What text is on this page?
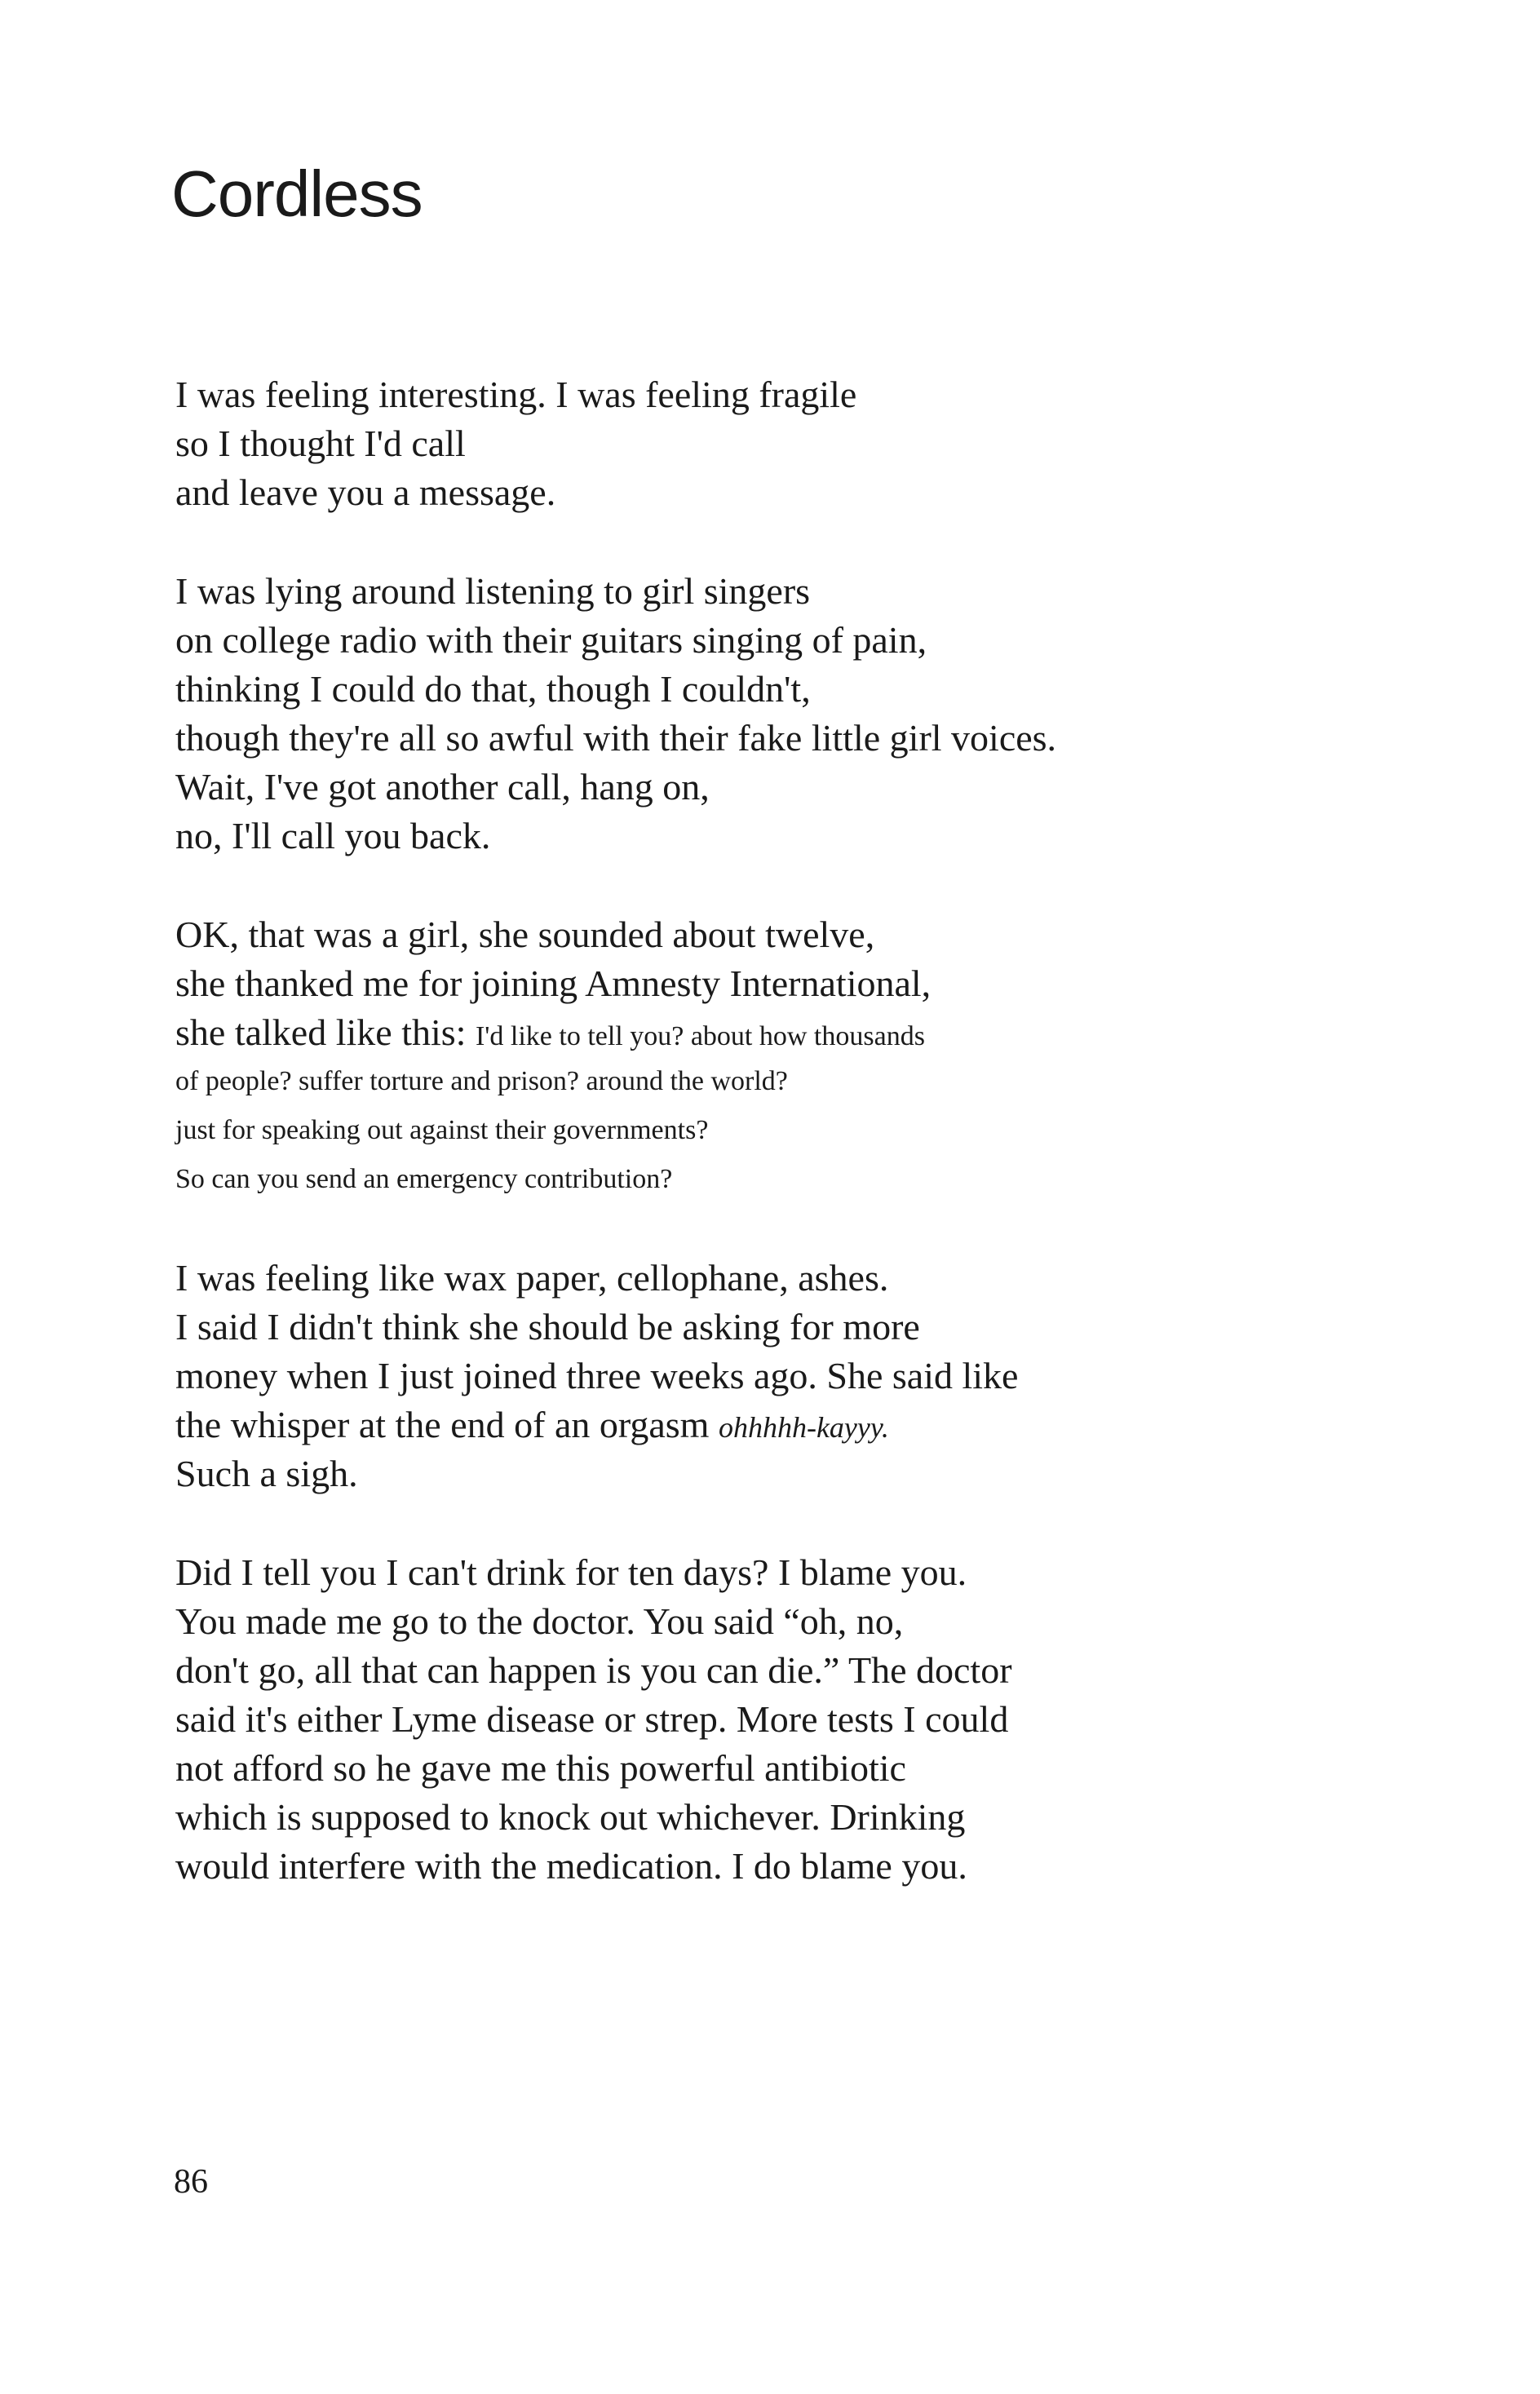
Cordless
I was feeling interesting. I was feeling fragile
so I thought I'd call
and leave you a message.
I was lying around listening to girl singers
on college radio with their guitars singing of pain,
thinking I could do that, though I couldn't,
though they're all so awful with their fake little girl voices.
Wait, I've got another call, hang on,
no, I'll call you back.
OK, that was a girl, she sounded about twelve,
she thanked me for joining Amnesty International,
she talked like this: I'd like to tell you? about how thousands
of people? suffer torture and prison? around the world?
just for speaking out against their governments?
So can you send an emergency contribution?
I was feeling like wax paper, cellophane, ashes.
I said I didn't think she should be asking for more
money when I just joined three weeks ago. She said like
the whisper at the end of an orgasm ohhhhh-kayyy.
Such a sigh.
Did I tell you I can't drink for ten days? I blame you.
You made me go to the doctor. You said “oh, no,
don't go, all that can happen is you can die.” The doctor
said it's either Lyme disease or strep. More tests I could
not afford so he gave me this powerful antibiotic
which is supposed to knock out whichever. Drinking
would interfere with the medication. I do blame you.
86
